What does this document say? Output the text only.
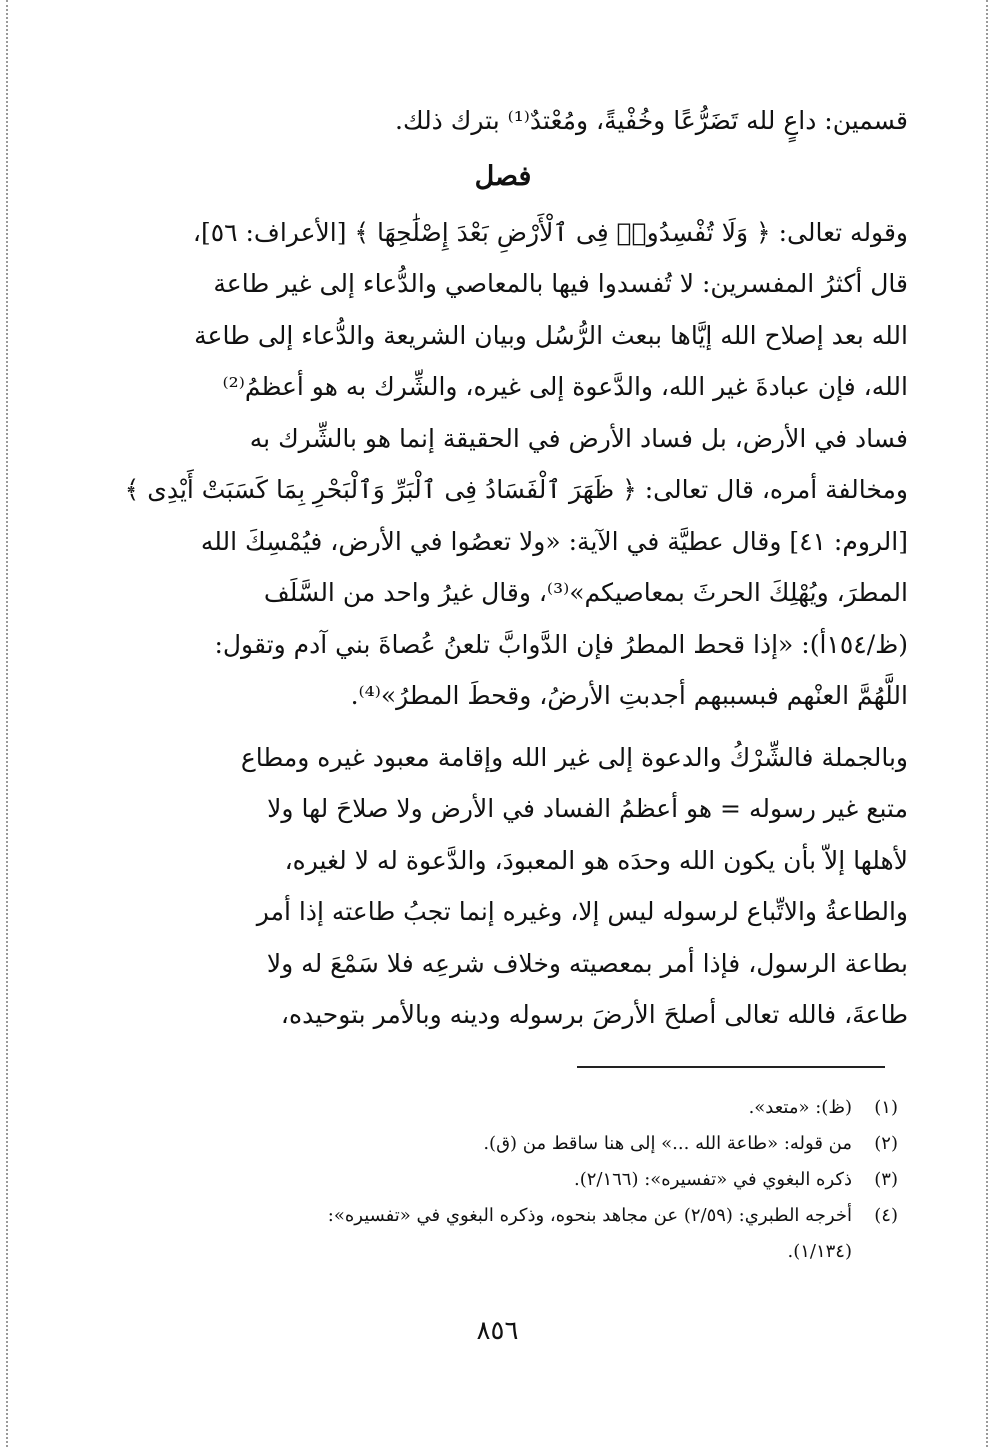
قسمين: داعٍ لله تَضَرُّعًا وخُفْيةً، ومُعْتدٌ⁽¹⁾ بترك ذلك.
فصل
وقوله تعالى: ﴿ وَلَا تُفْسِدُوا۟ فِى ٱلْأَرْضِ بَعْدَ إِصْلَٰحِهَا ﴾ [الأعراف: ٥٦]،
قال أكثرُ المفسرين: لا تُفسدوا فيها بالمعاصي والدُّعاء إلى غير طاعة
الله بعد إصلاح الله إيَّاها ببعث الرُّسُل وبيان الشريعة والدُّعاء إلى طاعة
الله، فإن عبادةَ غير الله، والدَّعوة إلى غيره، والشِّرك به هو أعظمُ⁽²⁾
فساد في الأرض، بل فساد الأرض في الحقيقة إنما هو بالشِّرك به
ومخالفة أمره، قال تعالى: ﴿ ظَهَرَ ٱلْفَسَادُ فِى ٱلْبَرِّ وَٱلْبَحْرِ بِمَا كَسَبَتْ أَيْدِى ﴾
[الروم: ٤١] وقال عطيَّة في الآية: «ولا تعصُوا في الأرض، فيُمْسِكَ الله
المطرَ، ويُهْلِكَ الحرثَ بمعاصيكم»⁽³⁾، وقال غيرُ واحد من السَّلَف
(ظ/١٥٤أ): «إذا قحط المطرُ فإن الدَّوابَّ تلعنُ عُصاةَ بني آدم وتقول:
اللَّهُمَّ العنْهم فبسببهم أجدبتِ الأرضُ، وقحطَ المطرُ»⁽⁴⁾.
وبالجملة فالشِّرْكُ والدعوة إلى غير الله وإقامة معبود غيره ومطاع
متبع غير رسوله = هو أعظمُ الفساد في الأرض ولا صلاحَ لها ولا
لأهلها إلاّ بأن يكون الله وحدَه هو المعبودَ، والدَّعوة له لا لغيره،
والطاعةُ والاتِّباع لرسوله ليس إلا، وغيره إنما تجبُ طاعته إذا أمر
بطاعة الرسول، فإذا أمر بمعصيته وخلاف شرعِه فلا سَمْعَ له ولا
طاعةَ، فالله تعالى أصلحَ الأرضَ برسوله ودينه وبالأمر بتوحيده،
(١)
(ظ): «متعد».
(٢)
من قوله: «طاعة الله ...» إلى هنا ساقط من (ق).
(٣)
ذكره البغوي في «تفسيره»: (٢/١٦٦).
(٤)
أخرجه الطبري: (٢/٥٩) عن مجاهد بنحوه، وذكره البغوي في «تفسيره»:
(١/١٣٤).
٨٥٦
